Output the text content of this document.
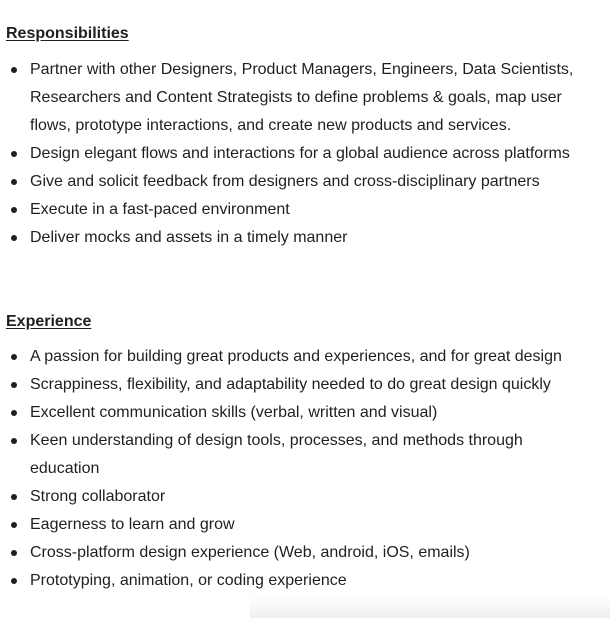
Responsibilities
Partner with other Designers, Product Managers, Engineers, Data Scientists, Researchers and Content Strategists to define problems & goals, map user flows, prototype interactions, and create new products and services.
Design elegant flows and interactions for a global audience across platforms
Give and solicit feedback from designers and cross-disciplinary partners
Execute in a fast-paced environment
Deliver mocks and assets in a timely manner
Experience
A passion for building great products and experiences, and for great design
Scrappiness, flexibility, and adaptability needed to do great design quickly
Excellent communication skills (verbal, written and visual)
Keen understanding of design tools, processes, and methods through education
Strong collaborator
Eagerness to learn and grow
Cross-platform design experience (Web, android, iOS, emails)
Prototyping, animation, or coding experience
